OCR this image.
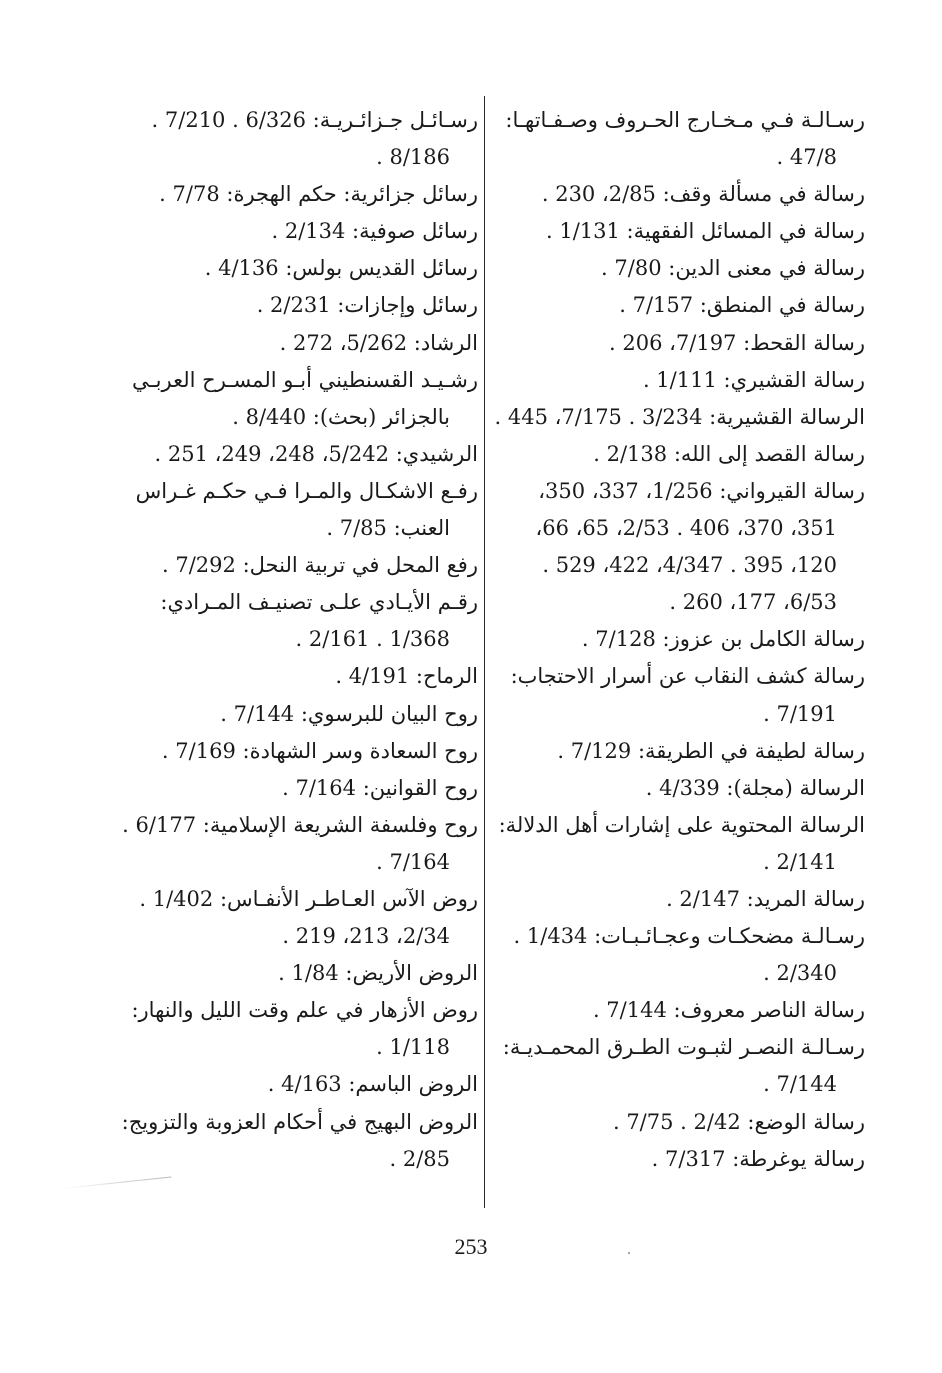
رسـالـة فـي مـخـارج الحـروف وصـفـاتهـا:
47/8 .
رسالة في مسألة وقف: 2/85، 230 .
رسالة في المسائل الفقهية: 1/131 .
رسالة في معنى الدين: 7/80 .
رسالة في المنطق: 7/157 .
رسالة القحط: 7/197، 206 .
رسالة القشيري: 1/111 .
الرسالة القشيرية: 3/234 . 7/175، 445 .
رسالة القصد إلى الله: 2/138 .
رسالة القيرواني: 1/256، 337، 350،
351، 370، 406 . 2/53، 65، 66،
120، 395 . 4/347، 422، 529 .
6/53، 177، 260 .
رسالة الكامل بن عزوز: 7/128 .
رسالة كشف النقاب عن أسرار الاحتجاب:
7/191 .
رسالة لطيفة في الطريقة: 7/129 .
الرسالة (مجلة): 4/339 .
الرسالة المحتوية على إشارات أهل الدلالة:
2/141 .
رسالة المريد: 2/147 .
رسـالـة مضحكـات وعجـائـبـات: 1/434 .
2/340 .
رسالة الناصر معروف: 7/144 .
رسـالـة النصـر لثبـوت الطـرق المحمـديـة:
7/144 .
رسالة الوضع: 2/42 . 7/75 .
رسالة يوغرطة: 7/317 .
رسـائـل جـزائـريـة: 6/326 . 7/210 .
8/186 .
رسائل جزائرية: حكم الهجرة: 7/78 .
رسائل صوفية: 2/134 .
رسائل القديس بولس: 4/136 .
رسائل وإجازات: 2/231 .
الرشاد: 5/262، 272 .
رشـيـد القسنطيني أبـو المسـرح العربـي
بالجزائر (بحث): 8/440 .
الرشيدي: 5/242، 248، 249، 251 .
رفـع الاشكـال والمـرا فـي حكـم غـراس
العنب: 7/85 .
رفع المحل في تربية النحل: 7/292 .
رقـم الأيـادي علـى تصنيـف المـرادي:
1/368 . 2/161 .
الرماح: 4/191 .
روح البيان للبرسوي: 7/144 .
روح السعادة وسر الشهادة: 7/169 .
روح القوانين: 7/164 .
روح وفلسفة الشريعة الإسلامية: 6/177 .
7/164 .
روض الآس العـاطـر الأنفـاس: 1/402 .
2/34، 213، 219 .
الروض الأريض: 1/84 .
روض الأزهار في علم وقت الليل والنهار:
1/118 .
الروض الباسم: 4/163 .
الروض البهيج في أحكام العزوبة والتزويج:
2/85 .
253
